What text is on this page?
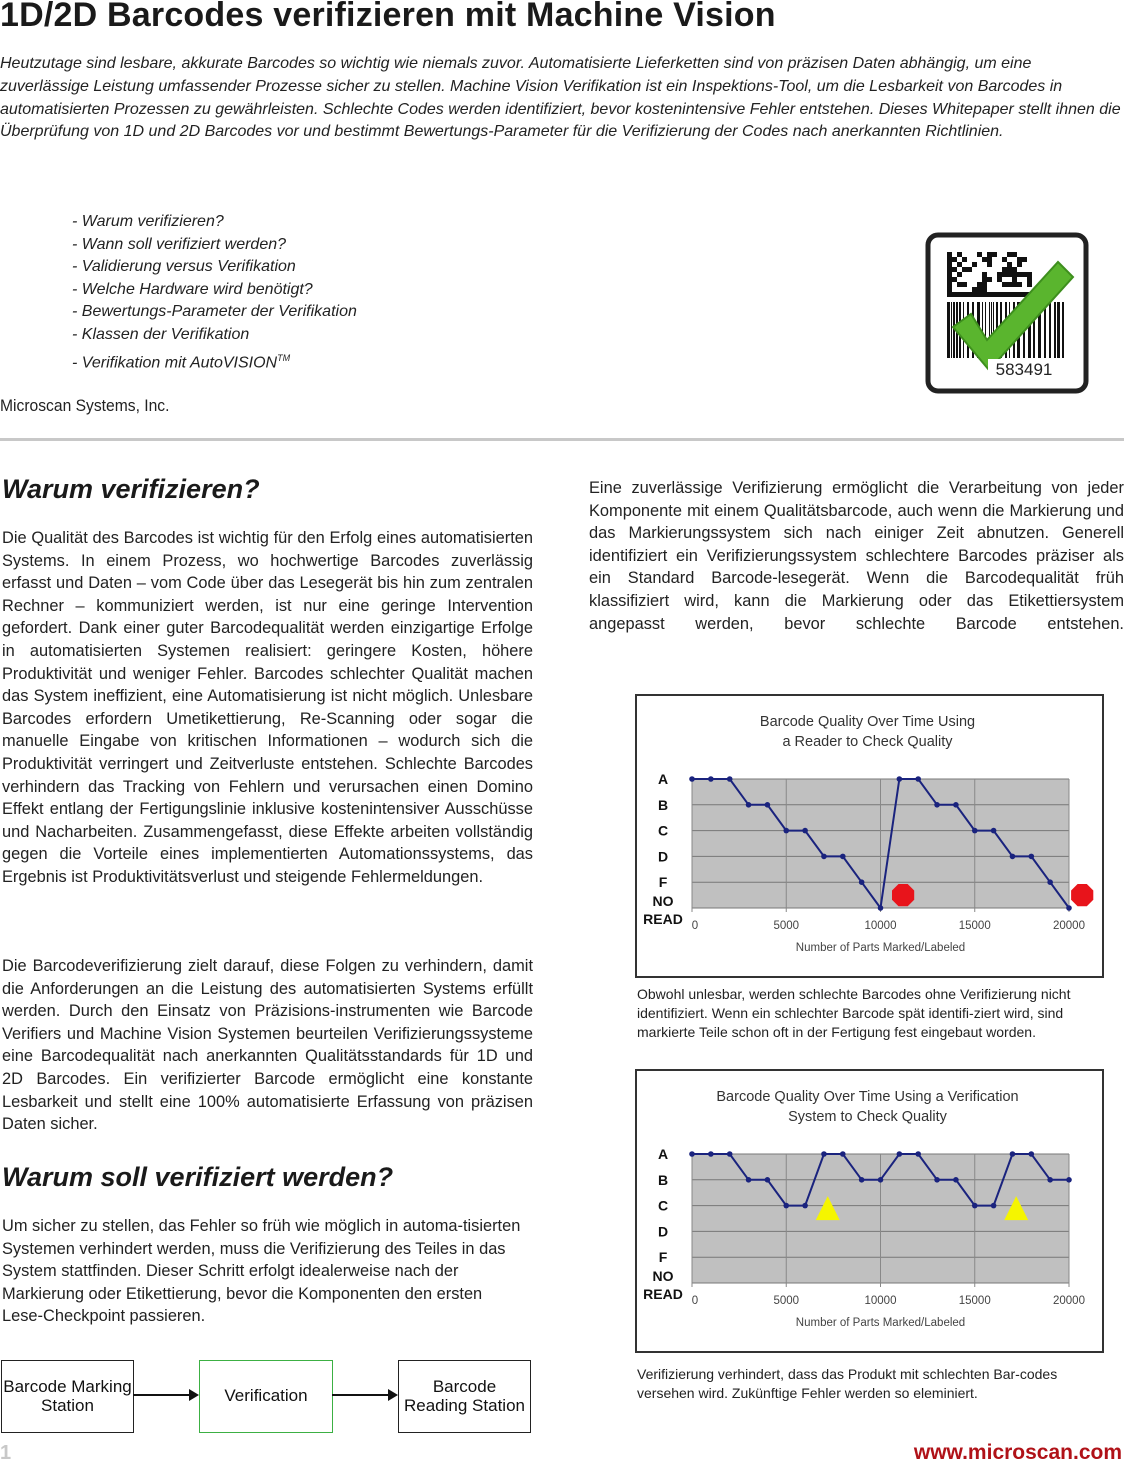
1D/2D Barcodes verifizieren mit Machine Vision

Heutzutage sind lesbare, akkurate Barcodes so wichtig wie niemals zuvor. Automatisierte Lieferketten sind von präzisen Daten abhängig, um eine zuverlässige Leistung umfassender Prozesse sicher zu stellen. Machine Vision Verifikation ist ein Inspektions-Tool, um die Lesbarkeit von Barcodes in automatisierten Prozessen zu gewährleisten. Schlechte Codes werden identifiziert, bevor kostenintensive Fehler entstehen. Dieses Whitepaper stellt ihnen die Überprüfung von 1D und 2D Barcodes vor und bestimmt Bewertungs-Parameter für die Verifizierung der Codes nach anerkannten Richtlinien.

- Warum verifizieren?
- Wann soll verifiziert werden?
- Validierung versus Verifikation
- Welche Hardware wird benötigt?
- Bewertungs-Parameter der Verifikation
- Klassen der Verifikation
- Verifikation mit AutoVISION™
Microscan Systems, Inc.
583491
Warum verifizieren?

Die Qualität des Barcodes ist wichtig für den Erfolg eines automatisierten Systems. In einem Prozess, wo hochwertige Barcodes zuverlässig erfasst und Daten – vom Code über das Lesegerät bis hin zum zentralen Rechner – kommuniziert werden, ist nur eine geringe Intervention gefordert. Dank einer guter Barcodequalität werden einzigartige Erfolge in automatisierten Systemen realisiert: geringere Kosten, höhere Produktivität und weniger Fehler. Barcodes schlechter Qualität machen das System ineffizient, eine Automatisierung ist nicht möglich. Unlesbare Barcodes erfordern Umetikettierung, Re-Scanning oder sogar die manuelle Eingabe von kritischen Informationen – wodurch sich die Produktivität verringert und Zeitverluste entstehen. Schlechte Barcodes verhindern das Tracking von Fehlern und verursachen einen Domino Effekt entlang der Fertigungslinie inklusive kostenintensiver Ausschüsse und Nacharbeiten. Zusammengefasst, diese Effekte arbeiten vollständig gegen die Vorteile eines implementierten Automationssystems, das Ergebnis ist Produktivitätsverlust und steigende Fehlermeldungen.

Die Barcodeverifizierung zielt darauf, diese Folgen zu verhindern, damit die Anforderungen an die Leistung des automatisierten Systems erfüllt werden. Durch den Einsatz von Präzisions-instrumenten wie Barcode Verifiers und Machine Vision Systemen beurteilen Verifizierungssysteme eine Barcodequalität nach anerkannten Qualitätsstandards für 1D und 2D Barcodes. Ein verifizierter Barcode ermöglicht eine konstante Lesbarkeit und stellt eine 100% automatisierte Erfassung von präzisen Daten sicher.

Warum soll verifiziert werden?

Um sicher zu stellen, das Fehler so früh wie möglich in automa-tisierten Systemen verhindert werden, muss die Verifizierung des Teiles in das System stattfinden. Dieser Schritt erfolgt idealerweise nach der Markierung oder Etikettierung, bevor die Komponenten den ersten Lese-Checkpoint passieren.

Barcode Marking Station	Verification	Barcode Reading Station

Eine zuverlässige Verifizierung ermöglicht die Verarbeitung von jeder Komponente mit einem Qualitätsbarcode, auch wenn die Markierung und das Markierungssystem sich nach einiger Zeit abnutzen. Generell identifiziert ein Verifizierungssystem schlechtere Barcodes präziser als ein Standard Barcode-lesegerät. Wenn die Barcodequalität früh klassifiziert wird, kann die Markierung oder das Etikettiersystem angepasst werden, bevor schlechte Barcode entstehen.

Barcode Quality Over Time Using
a Reader to Check Quality
0	5000	10000	15000	20000
A
B
C
D
F
NO
READ
Number of Parts Marked/Labeled

Obwohl unlesbar, werden schlechte Barcodes ohne Verifizierung nicht identifiziert. Wenn ein schlechter Barcode spät identifi-ziert wird, sind markierte Teile schon oft in der Fertigung fest eingebaut worden.

Barcode Quality Over Time Using a Verification
System to Check Quality
0	5000	10000	15000	20000
A
B
C
D
F
NO
READ
Number of Parts Marked/Labeled

Verifizierung verhindert, dass das Produkt mit schlechten Bar-codes versehen wird. Zukünftige Fehler werden so eleminiert.

1	www.microscan.com
